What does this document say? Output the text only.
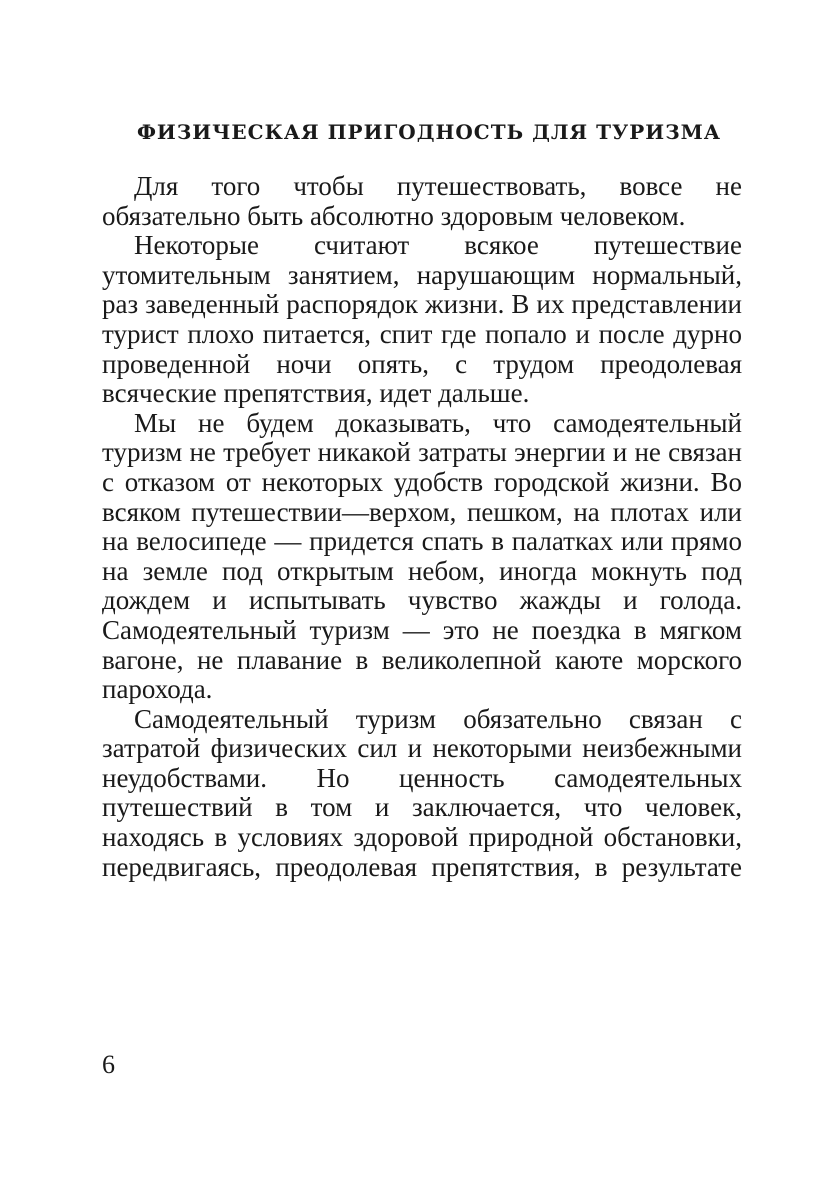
ФИЗИЧЕСКАЯ ПРИГОДНОСТЬ ДЛЯ ТУРИЗМА

Для того чтобы путешествовать, вовсе не обязательно быть абсолютно здоровым человеком.

Некоторые считают всякое путешествие утомительным занятием, нарушающим нормальный, раз заведенный распорядок жизни. В их представлении турист плохо питается, спит где попало и после дурно проведенной ночи опять, с трудом преодолевая всяческие препятствия, идет дальше.

Мы не будем доказывать, что самодеятельный туризм не требует никакой затраты энергии и не связан с отказом от некоторых удобств городской жизни. Во всяком путешествии—верхом, пешком, на плотах или на велосипеде — придется спать в палатках или прямо на земле под открытым небом, иногда мокнуть под дождем и испытывать чувство жажды и голода. Самодеятельный туризм — это не поездка в мягком вагоне, не плавание в великолепной каюте морского парохода.

Самодеятельный туризм обязательно связан с затратой физических сил и некоторыми неизбежными неудобствами. Но ценность самодеятельных путешествий в том и заключается, что человек, находясь в условиях здоровой природной обстановки, передвигаясь, преодолевая препятствия, в результате

6
